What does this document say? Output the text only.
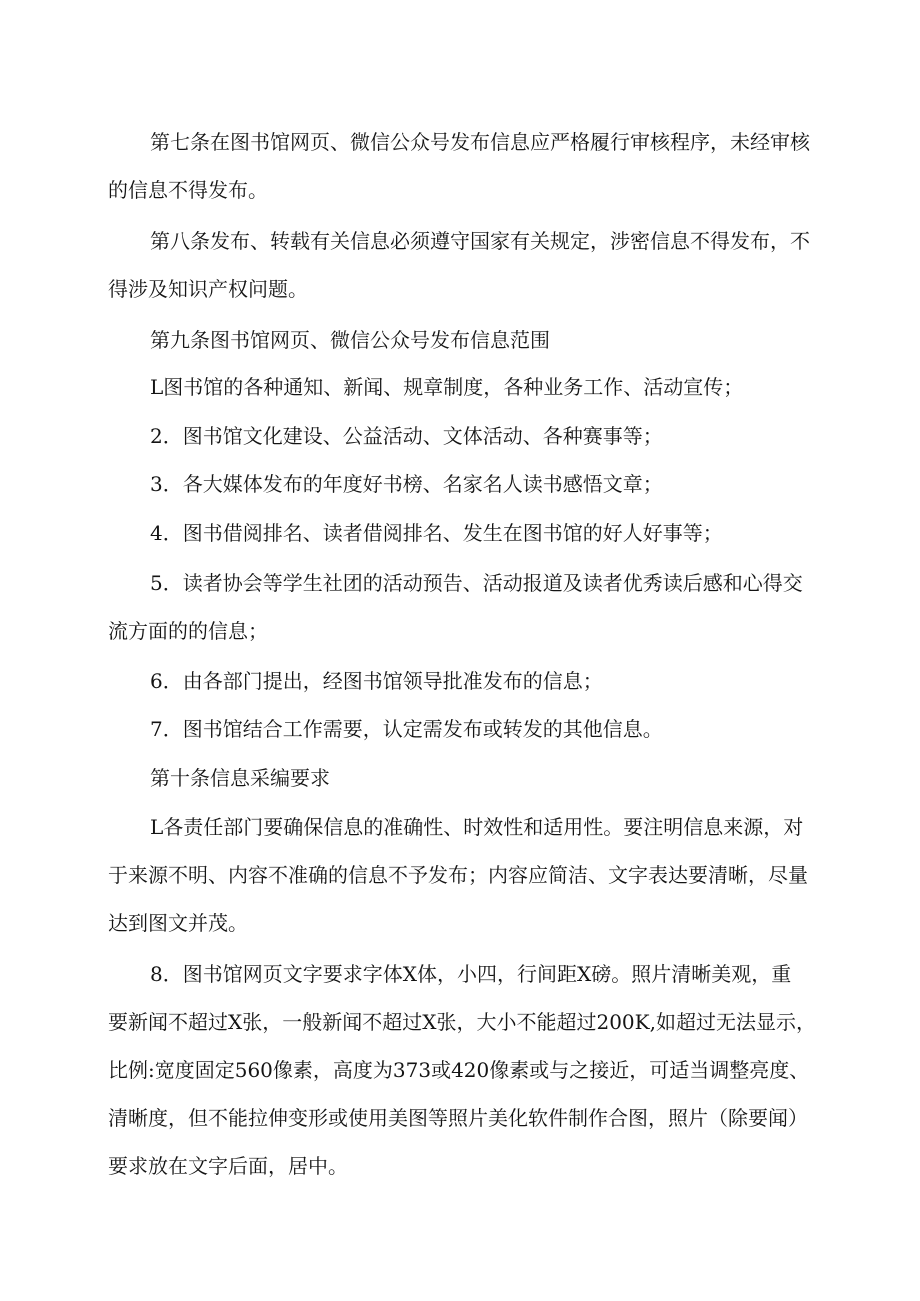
第七条在图书馆网页、微信公众号发布信息应严格履行审核程序，未经审核

的信息不得发布。

第八条发布、转载有关信息必须遵守国家有关规定，涉密信息不得发布，不

得涉及知识产权问题。

第九条图书馆网页、微信公众号发布信息范围

L图书馆的各种通知、新闻、规章制度，各种业务工作、活动宣传；

2．图书馆文化建设、公益活动、文体活动、各种赛事等；

3．各大媒体发布的年度好书榜、名家名人读书感悟文章；

4．图书借阅排名、读者借阅排名、发生在图书馆的好人好事等；

5．读者协会等学生社团的活动预告、活动报道及读者优秀读后感和心得交

流方面的的信息；

6．由各部门提出，经图书馆领导批准发布的信息；

7．图书馆结合工作需要，认定需发布或转发的其他信息。

第十条信息采编要求

L各责任部门要确保信息的准确性、时效性和适用性。要注明信息来源，对

于来源不明、内容不准确的信息不予发布；内容应简洁、文字表达要清晰，尽量

达到图文并茂。

8．图书馆网页文字要求字体X体，小四，行间距X磅。照片清晰美观，重

要新闻不超过X张，一般新闻不超过X张，大小不能超过200K,如超过无法显示，

比例:宽度固定560像素，高度为373或420像素或与之接近，可适当调整亮度、

清晰度，但不能拉伸变形或使用美图等照片美化软件制作合图，照片（除要闻）

要求放在文字后面，居中。
